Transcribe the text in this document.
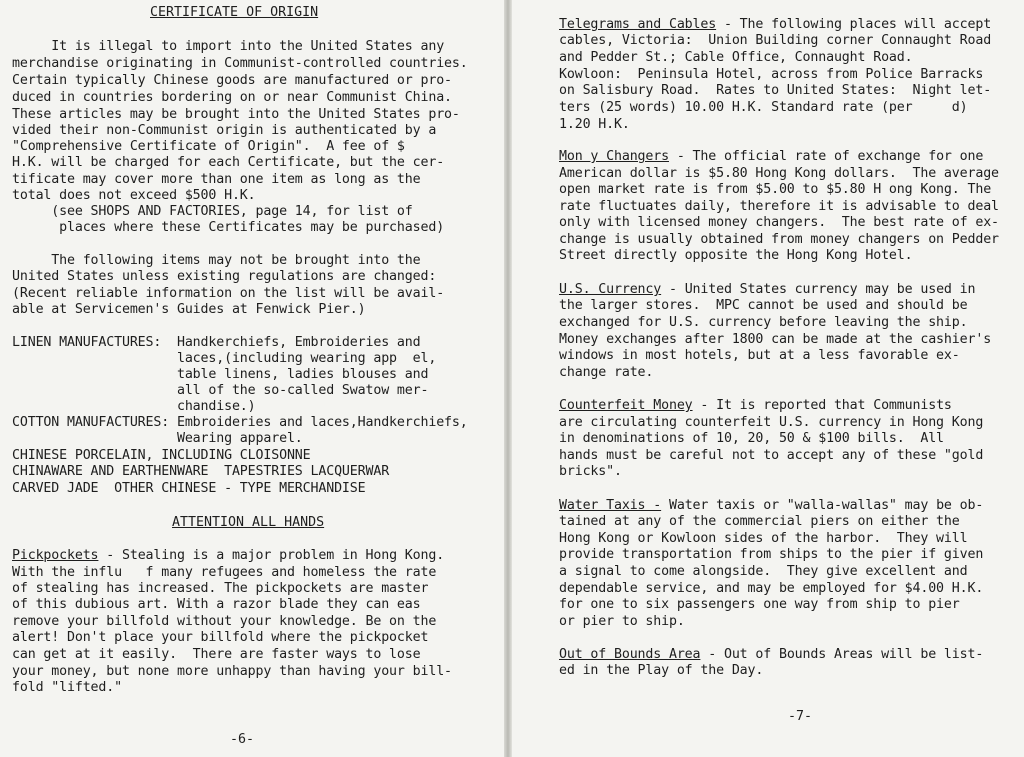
CERTIFICATE OF ORIGIN
It is illegal to import into the United States any
merchandise originating in Communist-controlled countries.
Certain typically Chinese goods are manufactured or pro-
duced in countries bordering on or near Communist China.
These articles may be brought into the United States pro-
vided their non-Communist origin is authenticated by a
"Comprehensive Certificate of Origin".  A fee of $
H.K. will be charged for each Certificate, but the cer-
tificate may cover more than one item as long as the
total does not exceed $500 H.K.
(see SHOPS AND FACTORIES, page 14, for list of
places where these Certificates may be purchased)
The following items may not be brought into the
United States unless existing regulations are changed:
(Recent reliable information on the list will be avail-
able at Servicemen's Guides at Fenwick Pier.)
LINEN MANUFACTURES:  Handkerchiefs, Embroideries and
laces,(including wearing app  el,
table linens, ladies blouses and
all of the so-called Swatow mer-
chandise.)
COTTON MANUFACTURES: Embroideries and laces,Handkerchiefs,
Wearing apparel.
CHINESE PORCELAIN, INCLUDING CLOISONNE
CHINAWARE AND EARTHENWARE  TAPESTRIES LACQUERWAR
CARVED JADE  OTHER CHINESE - TYPE MERCHANDISE
ATTENTION ALL HANDS
Pickpockets - Stealing is a major problem in Hong Kong.
With the influ   f many refugees and homeless the rate
of stealing has increased. The pickpockets are master
of this dubious art. With a razor blade they can eas
remove your billfold without your knowledge. Be on the
alert! Don't place your billfold where the pickpocket
can get at it easily.  There are faster ways to lose
your money, but none more unhappy than having your bill-
fold "lifted."
-6-
Telegrams and Cables - The following places will accept
cables, Victoria:  Union Building corner Connaught Road
and Pedder St.; Cable Office, Connaught Road.
Kowloon:  Peninsula Hotel, across from Police Barracks
on Salisbury Road.  Rates to United States:  Night let-
ters (25 words) 10.00 H.K. Standard rate (per     d)
1.20 H.K.
Mon y Changers - The official rate of exchange for one
American dollar is $5.80 Hong Kong dollars.  The average
open market rate is from $5.00 to $5.80 H ong Kong. The
rate fluctuates daily, therefore it is advisable to deal
only with licensed money changers.  The best rate of ex-
change is usually obtained from money changers on Pedder
Street directly opposite the Hong Kong Hotel.
U.S. Currency - United States currency may be used in
the larger stores.  MPC cannot be used and should be
exchanged for U.S. currency before leaving the ship.
Money exchanges after 1800 can be made at the cashier's
windows in most hotels, but at a less favorable ex-
change rate.
Counterfeit Money - It is reported that Communists
are circulating counterfeit U.S. currency in Hong Kong
in denominations of 10, 20, 50 & $100 bills.  All
hands must be careful not to accept any of these "gold
bricks".
Water Taxis - Water taxis or "walla-wallas" may be ob-
tained at any of the commercial piers on either the
Hong Kong or Kowloon sides of the harbor.  They will
provide transportation from ships to the pier if given
a signal to come alongside.  They give excellent and
dependable service, and may be employed for $4.00 H.K.
for one to six passengers one way from ship to pier
or pier to ship.
Out of Bounds Area - Out of Bounds Areas will be list-
ed in the Play of the Day.
-7-
